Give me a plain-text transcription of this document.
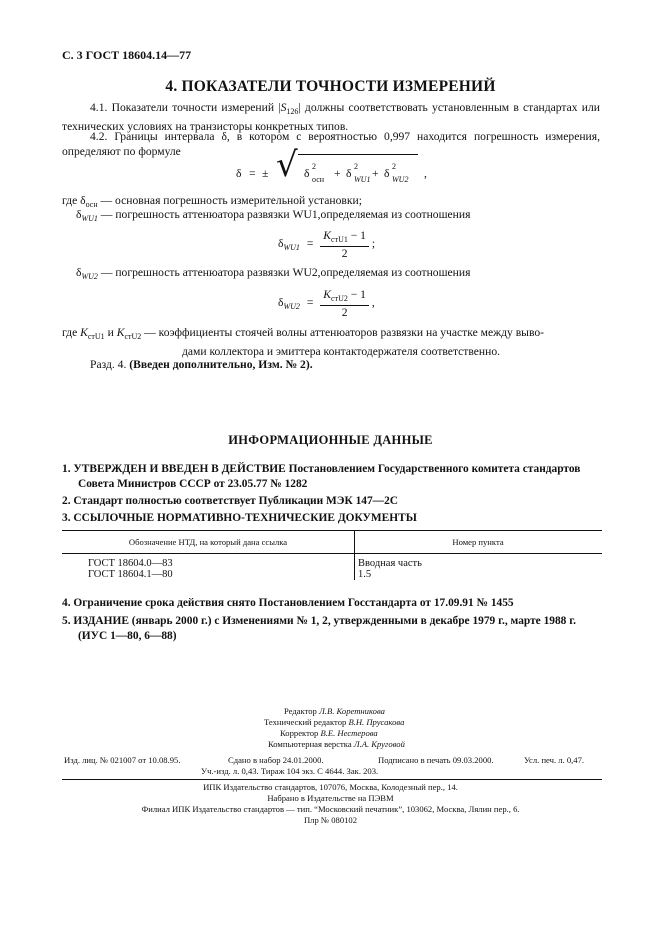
С. 3 ГОСТ 18604.14—77
4. ПОКАЗАТЕЛИ ТОЧНОСТИ ИЗМЕРЕНИЙ
4.1. Показатели точности измерений $|S_{126}|$ должны соответствовать установленным в стандартах или технических условиях на транзисторы конкретных типов.
4.2. Границы интервала δ, в котором с вероятностью 0,997 находится погрешность измерения, определяют по формуле
δ = ± √ δ
2
осн + δ
2
WU1 + δ
2
WU2 ,
где $\delta_{осн}$ — основная погрешность измерительной установки;
$\delta_{WU1}$ — погрешность аттенюатора развязки WU1,определяемая из соотношения
$\delta_{WU1} = \frac{K_{стU1} - 1}{2}$ ;
$\delta_{WU2}$ — погрешность аттенюатора развязки WU2,определяемая из соотношения
$\delta_{WU2} = \frac{K_{стU2} - 1}{2}$ ,
где $K_{стU1}$ и $K_{стU2}$ — коэффициенты стоячей волны аттенюаторов развязки на участке между выво-
дами коллектора и эмиттера контактодержателя соответственно.
Разд. 4. (Введен дополнительно, Изм. № 2).
ИНФОРМАЦИОННЫЕ ДАННЫЕ
1. УТВЕРЖДЕН И ВВЕДЕН В ДЕЙСТВИЕ Постановлением Государственного комитета стандартов
Совета Министров СССР от 23.05.77 № 1282
2. Стандарт полностью соответствует Публикации МЭК 147—2С
3. ССЫЛОЧНЫЕ НОРМАТИВНО-ТЕХНИЧЕСКИЕ ДОКУМЕНТЫ
Обозначение НТД, на который дана ссылка	Номер пункта
ГОСТ 18604.0—83	Вводная часть
ГОСТ 18604.1—80	1.5
4. Ограничение срока действия снято Постановлением Госстандарта от 17.09.91 № 1455
5. ИЗДАНИЕ (январь 2000 г.) с Изменениями № 1, 2, утвержденными в декабре 1979 г., марте 1988 г.
(ИУС 1—80, 6—88)
Редактор Л.В. Коретникова
Технический редактор В.Н. Прусакова
Корректор В.Е. Нестерова
Компьютерная верстка Л.А. Круговой
Изд. лиц. № 021007 от 10.08.95.	Сдано в набор 24.01.2000.	Подписано в печать 09.03.2000.	Усл. печ. л. 0,47.
Уч.-изд. л. 0,43. Тираж 104 экз. С 4644. Зак. 203.
ИПК Издательство стандартов, 107076, Москва, Колодезный пер., 14.
Набрано в Издательстве на ПЭВМ
Филиал ИПК Издательство стандартов — тип. “Московский печатник”, 103062, Москва, Лялин пер., 6.
Плр № 080102
